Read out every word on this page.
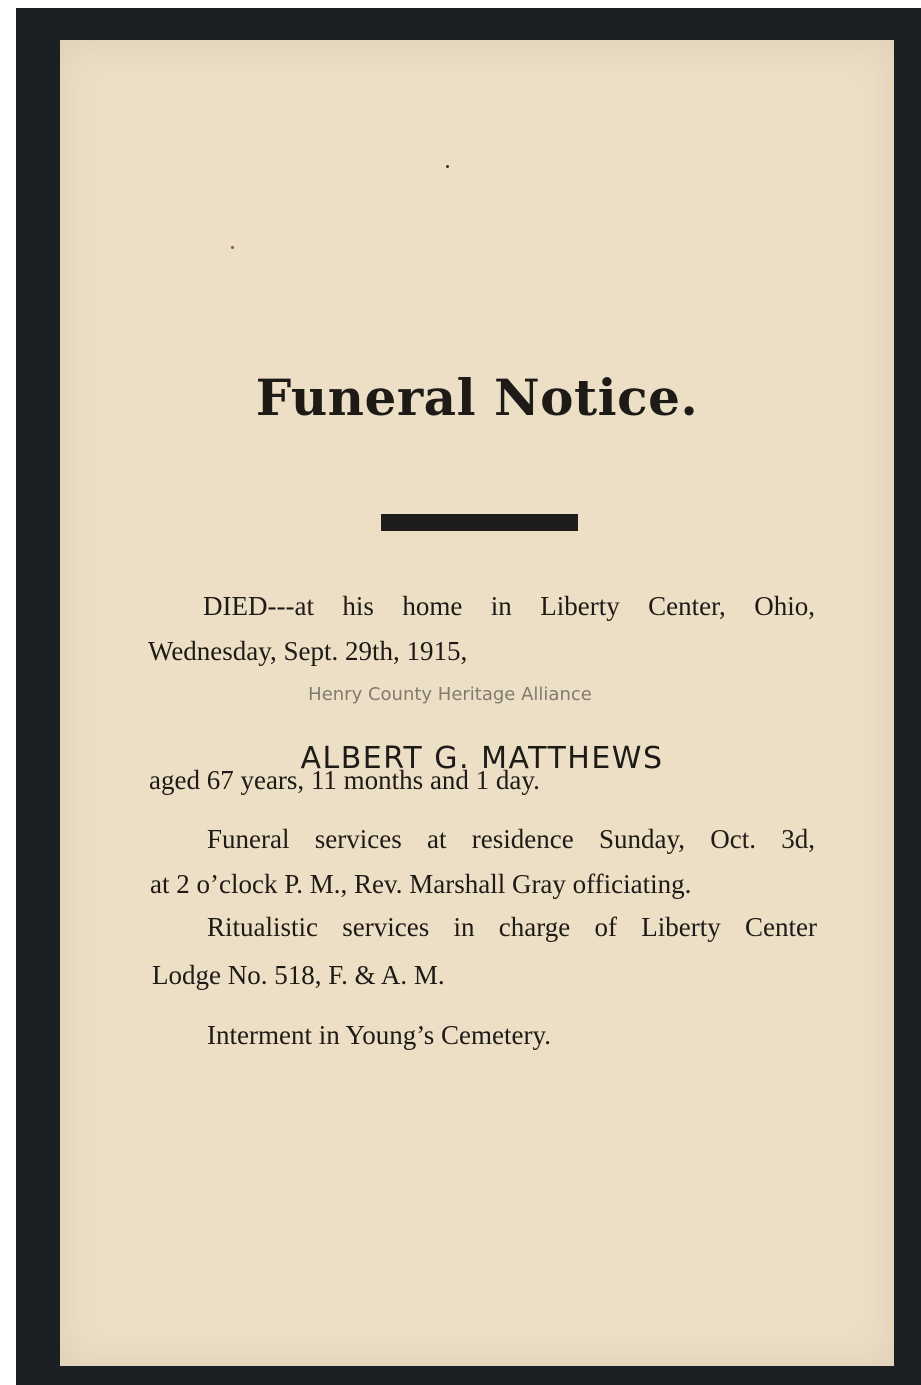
Henry County Heritage Alliance
Funeral Notice.

DIED---at his home in Liberty Center, Ohio,

Wednesday, Sept. 29th, 1915,

ALBERT G. MATTHEWS

aged 67 years, 11 months and 1 day.

Funeral services at residence Sunday, Oct. 3d,

at 2 o’clock P. M., Rev. Marshall Gray officiating.

Ritualistic services in charge of Liberty Center

Lodge No. 518, F. & A. M.

Interment in Young’s Cemetery.
